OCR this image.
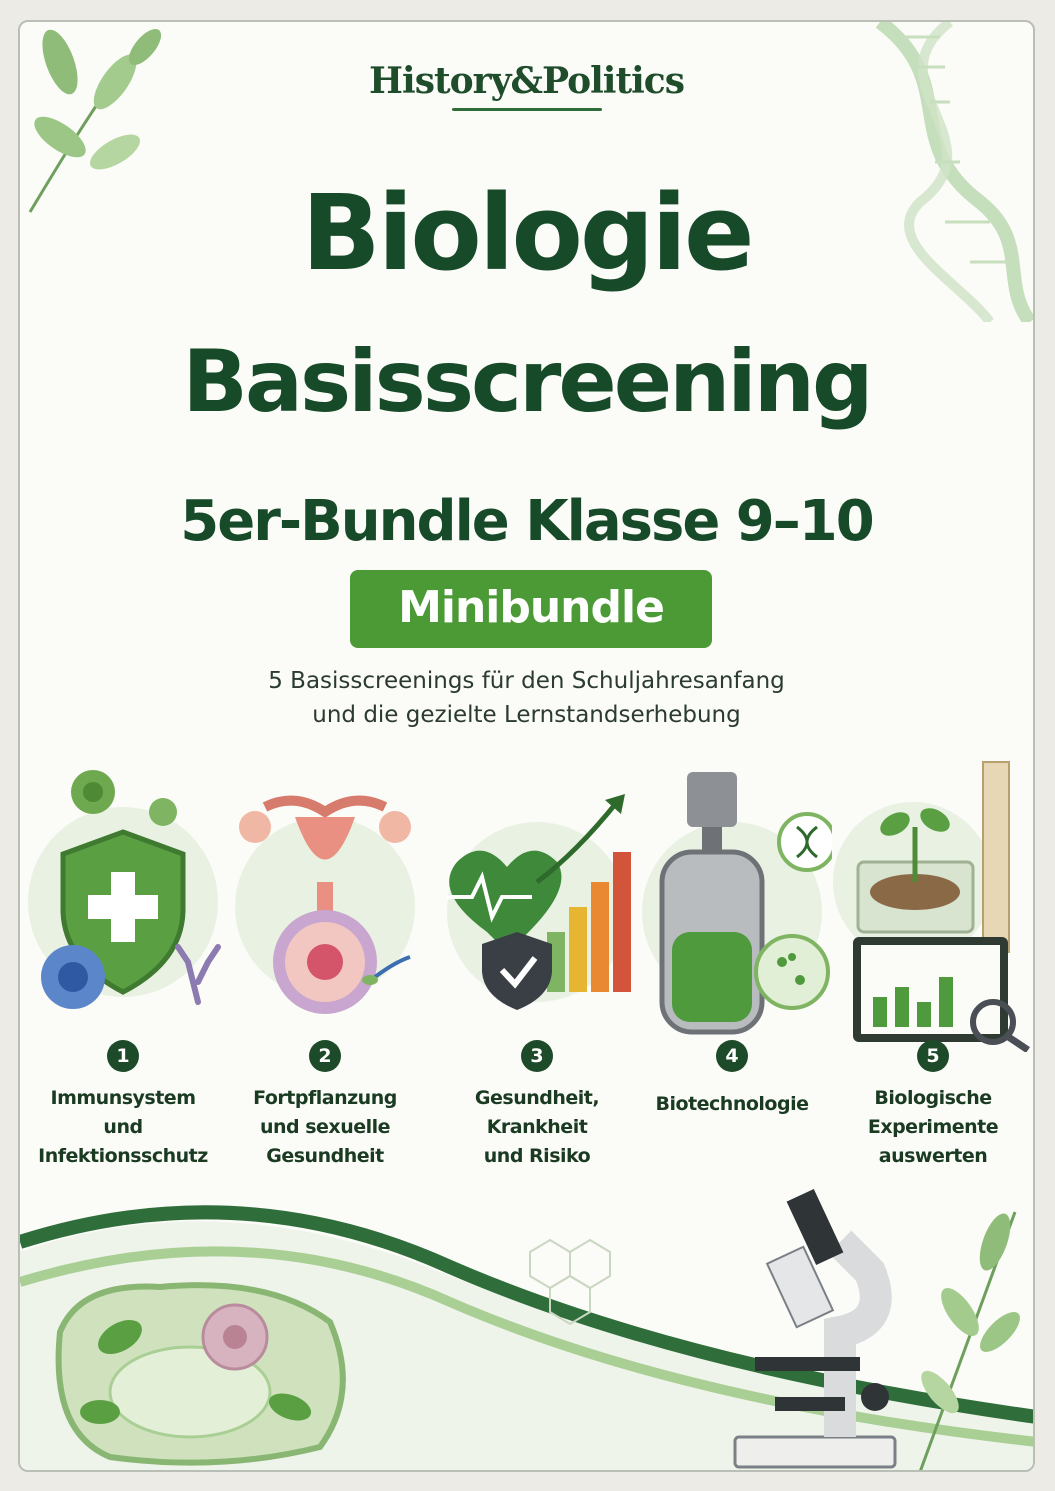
History&Politics
Biologie
Basisscreening
5er-Bundle Klasse 9–10
Minibundle
5 Basisscreenings für den Schuljahresanfang
und die gezielte Lernstandserhebung
1
Immunsystem
und
Infektionsschutz
2
Fortpflanzung
und sexuelle
Gesundheit
3
Gesundheit,
Krankheit
und Risiko
4
Biotechnologie
5
Biologische
Experimente
auswerten
